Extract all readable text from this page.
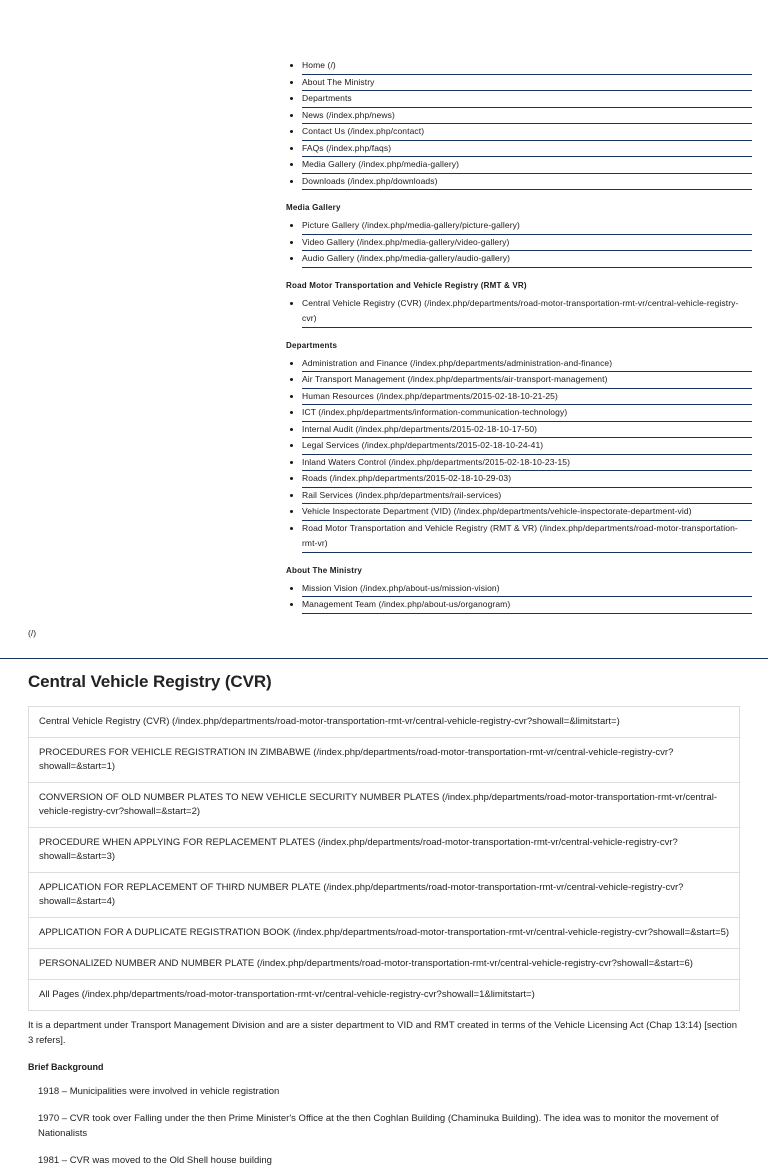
• Home (/)
• About The Ministry
• Departments
• News (/index.php/news)
• Contact Us (/index.php/contact)
• FAQs (/index.php/faqs)
• Media Gallery (/index.php/media-gallery)
• Downloads (/index.php/downloads)
Media Gallery
• Picture Gallery (/index.php/media-gallery/picture-gallery)
• Video Gallery (/index.php/media-gallery/video-gallery)
• Audio Gallery (/index.php/media-gallery/audio-gallery)
Road Motor Transportation and Vehicle Registry (RMT & VR)
• Central Vehicle Registry (CVR) (/index.php/departments/road-motor-transportation-rmt-vr/central-vehicle-registry-cvr)
Departments
• Administration and Finance (/index.php/departments/administration-and-finance)
• Air Transport Management (/index.php/departments/air-transport-management)
• Human Resources (/index.php/departments/2015-02-18-10-21-25)
• ICT (/index.php/departments/information-communication-technology)
• Internal Audit (/index.php/departments/2015-02-18-10-17-50)
• Legal Services (/index.php/departments/2015-02-18-10-24-41)
• Inland Waters Control (/index.php/departments/2015-02-18-10-23-15)
• Roads (/index.php/departments/2015-02-18-10-29-03)
• Rail Services (/index.php/departments/rail-services)
• Vehicle Inspectorate Department (VID) (/index.php/departments/vehicle-inspectorate-department-vid)
• Road Motor Transportation and Vehicle Registry (RMT & VR) (/index.php/departments/road-motor-transportation-rmt-vr)
About The Ministry
• Mission Vision (/index.php/about-us/mission-vision)
• Management Team (/index.php/about-us/organogram)
(/)
Central Vehicle Registry (CVR)
Central Vehicle Registry (CVR) (/index.php/departments/road-motor-transportation-rmt-vr/central-vehicle-registry-cvr?showall=&limitstart=)
PROCEDURES FOR VEHICLE REGISTRATION IN ZIMBABWE (/index.php/departments/road-motor-transportation-rmt-vr/central-vehicle-registry-cvr?showall=&start=1)
CONVERSION OF OLD NUMBER PLATES TO NEW VEHICLE SECURITY NUMBER PLATES (/index.php/departments/road-motor-transportation-rmt-vr/central-vehicle-registry-cvr?showall=&start=2)
PROCEDURE WHEN APPLYING FOR REPLACEMENT PLATES (/index.php/departments/road-motor-transportation-rmt-vr/central-vehicle-registry-cvr?showall=&start=3)
APPLICATION FOR REPLACEMENT OF THIRD NUMBER PLATE (/index.php/departments/road-motor-transportation-rmt-vr/central-vehicle-registry-cvr?showall=&start=4)
APPLICATION FOR A DUPLICATE REGISTRATION BOOK (/index.php/departments/road-motor-transportation-rmt-vr/central-vehicle-registry-cvr?showall=&start=5)
PERSONALIZED NUMBER AND NUMBER PLATE (/index.php/departments/road-motor-transportation-rmt-vr/central-vehicle-registry-cvr?showall=&start=6)
All Pages (/index.php/departments/road-motor-transportation-rmt-vr/central-vehicle-registry-cvr?showall=1&limitstart=)

It is a department under Transport Management Division and are a sister department to VID and RMT created in terms of the Vehicle Licensing Act (Chap 13:14) [section 3 refers].

Brief Background

1918 – Municipalities were involved in vehicle registration

1970 – CVR took over Falling under the then Prime Minister's Office at the then Coghlan Building (Chaminuka Building). The idea was to monitor the movement of Nationalists

1981 – CVR was moved to the Old Shell house building
